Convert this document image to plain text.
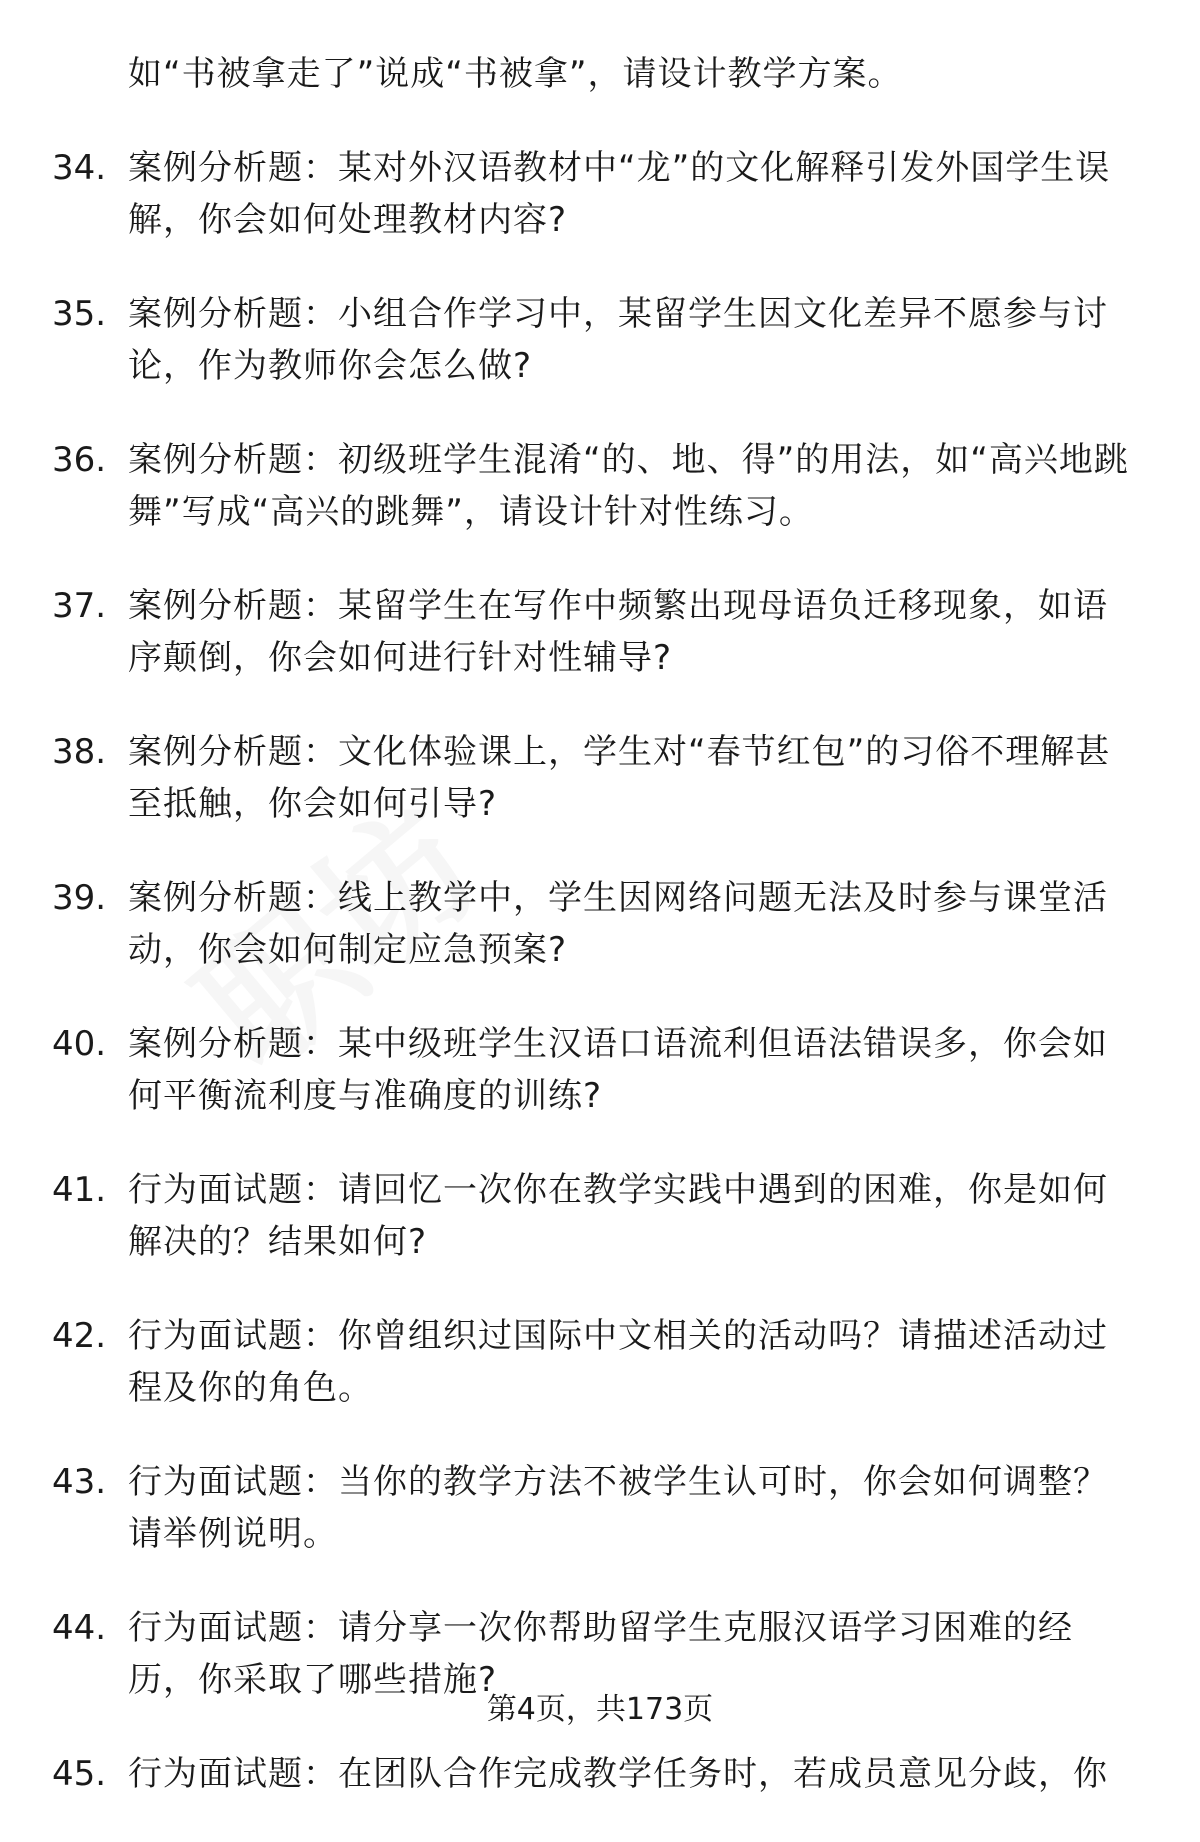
如“书被拿走了”说成“书被拿”，请设计教学方案。
34. 案例分析题：某对外汉语教材中“龙”的文化解释引发外国学生误解，你会如何处理教材内容?
35. 案例分析题：小组合作学习中，某留学生因文化差异不愿参与讨论，作为教师你会怎么做?
36. 案例分析题：初级班学生混淆“的、地、得”的用法，如“高兴地跳舞”写成“高兴的跳舞”，请设计针对性练习。
37. 案例分析题：某留学生在写作中频繁出现母语负迁移现象，如语序颠倒，你会如何进行针对性辅导?
38. 案例分析题：文化体验课上，学生对“春节红包”的习俗不理解甚至抵触，你会如何引导?
39. 案例分析题：线上教学中，学生因网络问题无法及时参与课堂活动，你会如何制定应急预案?
40. 案例分析题：某中级班学生汉语口语流利但语法错误多，你会如何平衡流利度与准确度的训练?
41. 行为面试题：请回忆一次你在教学实践中遇到的困难，你是如何解决的？结果如何?
42. 行为面试题：你曾组织过国际中文相关的活动吗？请描述活动过程及你的角色。
43. 行为面试题：当你的教学方法不被学生认可时，你会如何调整？请举例说明。
44. 行为面试题：请分享一次你帮助留学生克服汉语学习困难的经历，你采取了哪些措施?
45. 行为面试题：在团队合作完成教学任务时，若成员意见分歧，你
第4页，共173页
